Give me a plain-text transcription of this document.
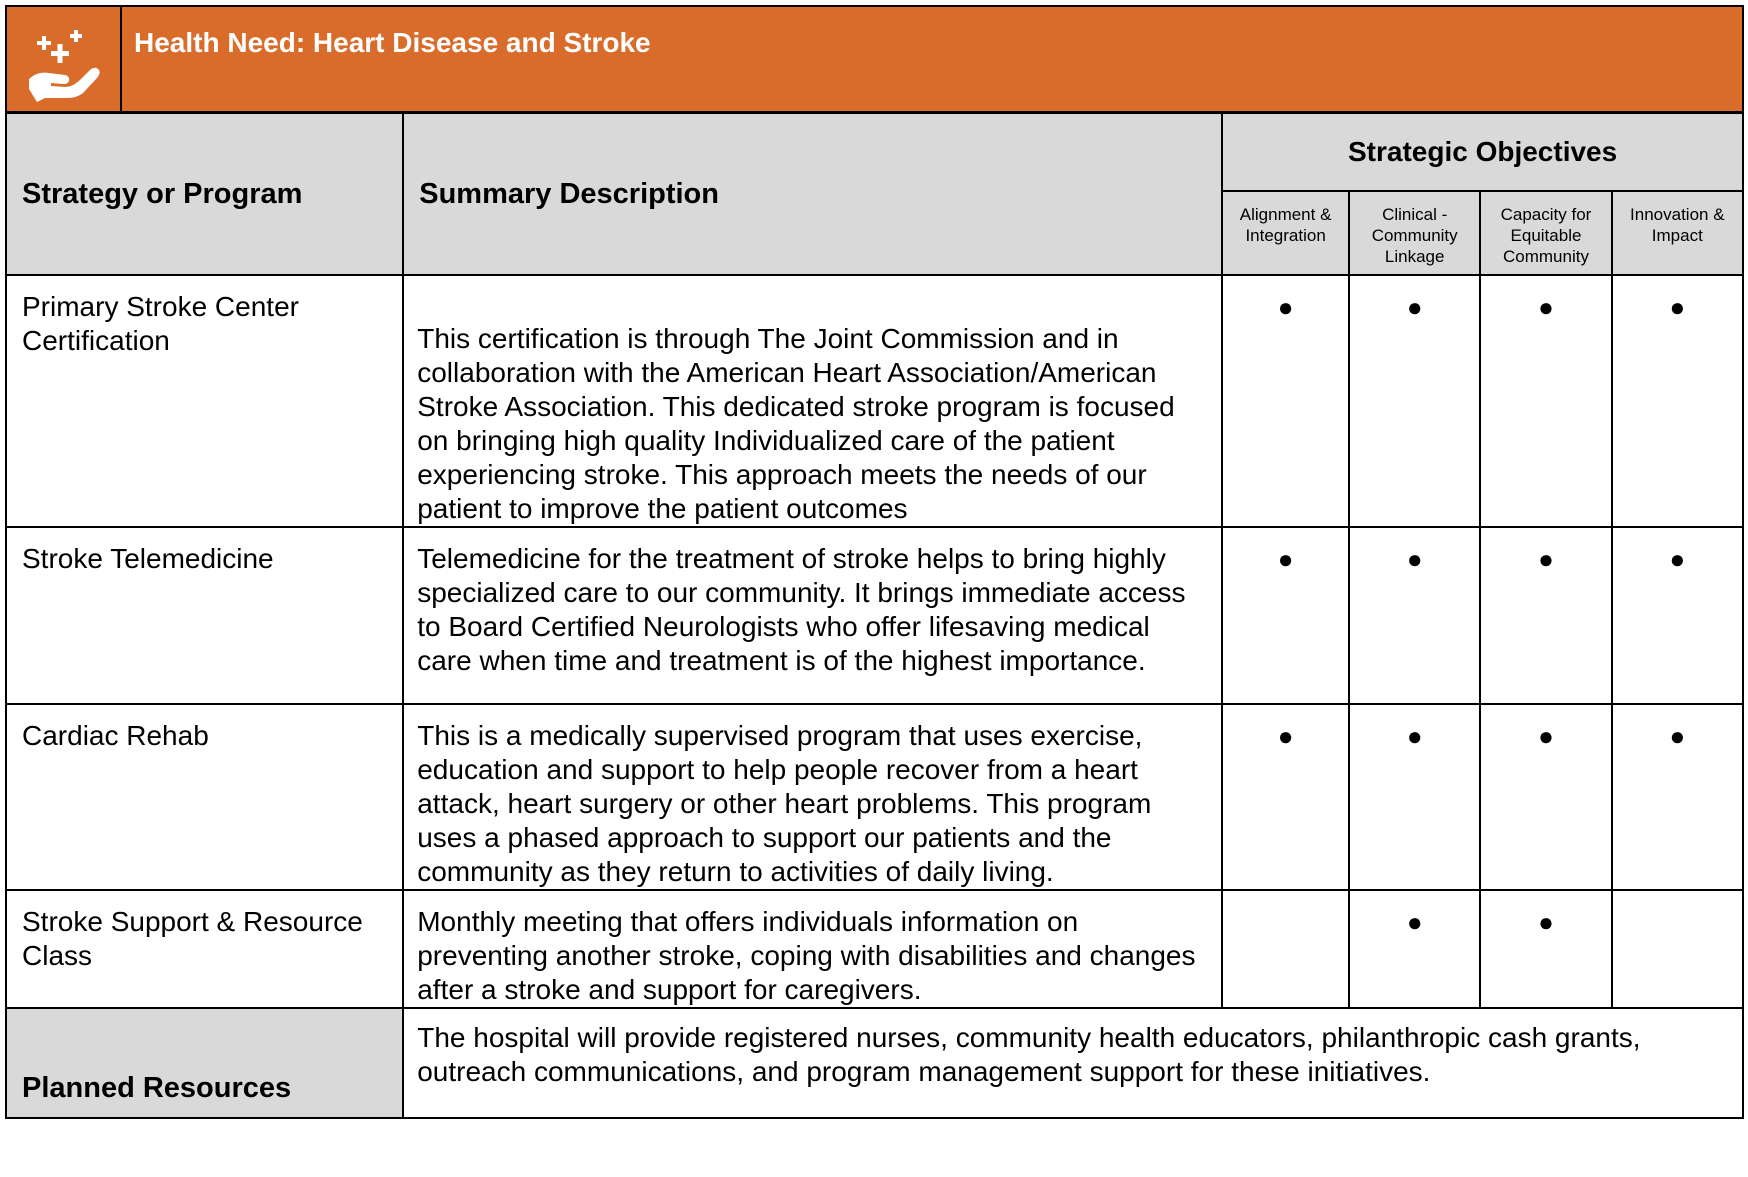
Health Need: Heart Disease and Stroke
Strategy or Program	Summary Description	Strategic Objectives			
		Alignment & Integration	Clinical - Community Linkage	Capacity for Equitable Community	Innovation & Impact
Primary Stroke Center Certification	This certification is through The Joint Commission and in collaboration with the American Heart Association/American Stroke Association. This dedicated stroke program is focused on bringing high quality Individualized care of the patient experiencing stroke. This approach meets the needs of our patient to improve the patient outcomes	●	●	●	●
Stroke Telemedicine	Telemedicine for the treatment of stroke helps to bring highly specialized care to our community. It brings immediate access to Board Certified Neurologists who offer lifesaving medical care when time and treatment is of the highest importance.	●	●	●	●
Cardiac Rehab	This is a medically supervised program that uses exercise, education and support to help people recover from a heart attack, heart surgery or other heart problems. This program uses a phased approach to support our patients and the community as they return to activities of daily living.	●	●	●	●
Stroke Support & Resource Class	Monthly meeting that offers individuals information on preventing another stroke, coping with disabilities and changes after a stroke and support for caregivers.		●	●	
Planned Resources	The hospital will provide registered nurses, community health educators, philanthropic cash grants, outreach communications, and program management support for these initiatives.				
